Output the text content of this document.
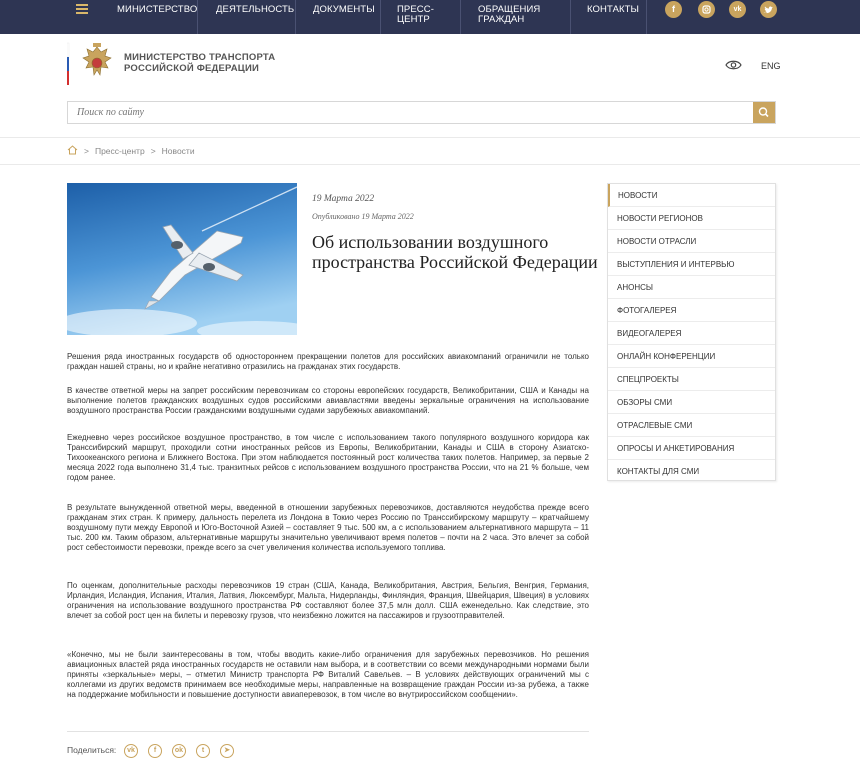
МИНИСТЕРСТВО ДЕЯТЕЛЬНОСТЬ ДОКУМЕНТЫ ПРЕСС-
ЦЕНТР
ОБРАЩЕНИЯ
ГРАЖДАН
КОНТАКТЫ	f	vk
МИНИСТЕРСТВО ТРАНСПОРТА
РОССИЙСКОЙ ФЕДЕРАЦИИ	ENG
Поиск по сайту
> Пресс-центр > Новости
19 Марта 2022
Опубликовано 19 Марта 2022
Об использовании воздушного пространства Российской Федерации
Решения ряда иностранных государств об одностороннем прекращении полетов для российских авиакомпаний ограничили не только граждан нашей страны, но и крайне негативно отразились на гражданах этих государств.
В качестве ответной меры на запрет российским перевозчикам со стороны европейских государств, Великобритании, США и Канады на выполнение полетов гражданских воздушных судов российскими авиавластями введены зеркальные ограничения на использование воздушного пространства России гражданскими воздушными судами зарубежных авиакомпаний.
Ежедневно через российское воздушное пространство, в том числе с использованием такого популярного воздушного коридора как Транссибирский маршрут, проходили сотни иностранных рейсов из Европы, Великобритании, Канады и США в сторону Азиатско-Тихоокеанского региона и Ближнего Востока. При этом наблюдается постоянный рост количества таких полетов. Например, за первые 2 месяца 2022 года выполнено 31,4 тыс. транзитных рейсов с использованием воздушного пространства России, что на 21 % больше, чем годом ранее.
В результате вынужденной ответной меры, введенной в отношении зарубежных перевозчиков, доставляются неудобства прежде всего гражданам этих стран. К примеру, дальность перелета из Лондона в Токио через Россию по Транссибирскому маршруту – кратчайшему воздушному пути между Европой и Юго-Восточной Азией – составляет 9 тыс. 500 км, а с использованием альтернативного маршрута – 11 тыс. 200 км. Таким образом, альтернативные маршруты значительно увеличивают время полетов – почти на 2 часа. Это влечет за собой рост себестоимости перевозки, прежде всего за счет увеличения количества используемого топлива.
По оценкам, дополнительные расходы перевозчиков 19 стран (США, Канада, Великобритания, Австрия, Бельгия, Венгрия, Германия, Ирландия, Исландия, Испания, Италия, Латвия, Люксембург, Мальта, Нидерланды, Финляндия, Франция, Швейцария, Швеция) в условиях ограничения на использование воздушного пространства РФ составляют более 37,5 млн долл. США еженедельно. Как следствие, это влечет за собой рост цен на билеты и перевозку грузов, что неизбежно ложится на пассажиров и грузоотправителей.
«Конечно, мы не были заинтересованы в том, чтобы вводить какие-либо ограничения для зарубежных перевозчиков. Но решения авиационных властей ряда иностранных государств не оставили нам выбора, и в соответствии со всеми международными нормами были приняты «зеркальные» меры, – отметил Министр транспорта РФ Виталий Савельев. – В условиях действующих ограничений мы с коллегами из других ведомств принимаем все необходимые меры, направленные на возвращение граждан России из-за рубежа, а также на поддержание мобильности и повышение доступности авиаперевозок, в том числе во внутрироссийском сообщении».
Поделиться:	vk	f	ok	t	➤
НОВОСТИ
НОВОСТИ РЕГИОНОВ
НОВОСТИ ОТРАСЛИ
ВЫСТУПЛЕНИЯ И ИНТЕРВЬЮ
АНОНСЫ
ФОТОГАЛЕРЕЯ
ВИДЕОГАЛЕРЕЯ
ОНЛАЙН КОНФЕРЕНЦИИ
СПЕЦПРОЕКТЫ
ОБЗОРЫ СМИ
ОТРАСЛЕВЫЕ СМИ
ОПРОСЫ И АНКЕТИРОВАНИЯ
КОНТАКТЫ ДЛЯ СМИ
